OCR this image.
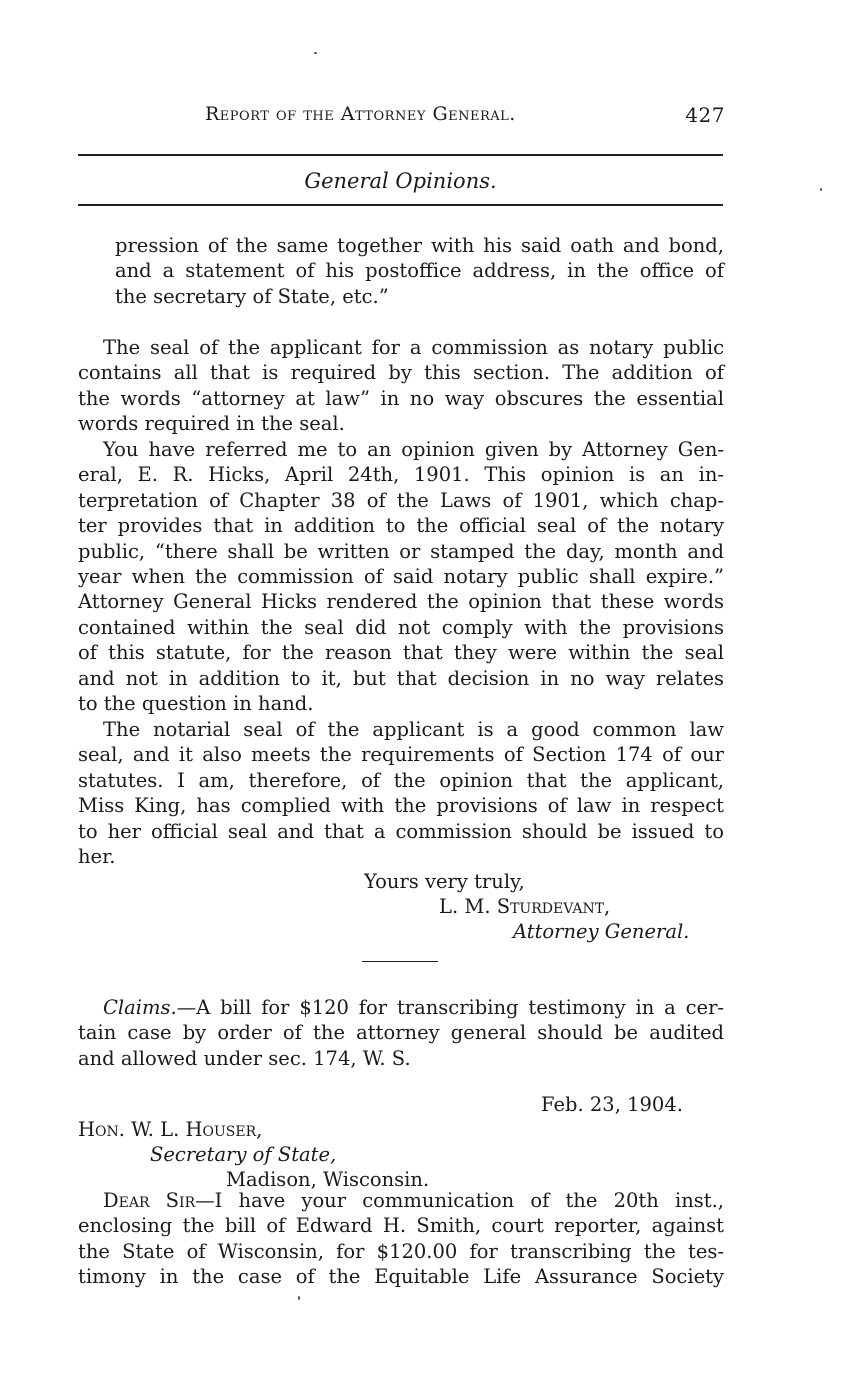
Report of the Attorney General.	427
General Opinions.
pression of the same together with his said oath and bond,
and a statement of his postoffice address, in the office of
the secretary of State, etc.”
The seal of the applicant for a commission as notary public
contains all that is required by this section. The addition of
the words “attorney at law” in no way obscures the essential
words required in the seal.
You have referred me to an opinion given by Attorney Gen-
eral, E. R. Hicks, April 24th, 1901. This opinion is an in-
terpretation of Chapter 38 of the Laws of 1901, which chap-
ter provides that in addition to the official seal of the notary
public, “there shall be written or stamped the day, month and
year when the commission of said notary public shall expire.”
Attorney General Hicks rendered the opinion that these words
contained within the seal did not comply with the provisions
of this statute, for the reason that they were within the seal
and not in addition to it, but that decision in no way relates
to the question in hand.
The notarial seal of the applicant is a good common law
seal, and it also meets the requirements of Section 174 of our
statutes. I am, therefore, of the opinion that the applicant,
Miss King, has complied with the provisions of law in respect
to her official seal and that a commission should be issued to
her.
Yours very truly,
L. M. Sturdevant,
Attorney General.
Claims.—A bill for $120 for transcribing testimony in a cer-
tain case by order of the attorney general should be audited
and allowed under sec. 174, W. S.
Feb. 23, 1904.
Hon. W. L. Houser,
Secretary of State,
Madison, Wisconsin.
Dear Sir—I have your communication of the 20th inst.,
enclosing the bill of Edward H. Smith, court reporter, against
the State of Wisconsin, for $120.00 for transcribing the tes-
timony in the case of the Equitable Life Assurance Society
